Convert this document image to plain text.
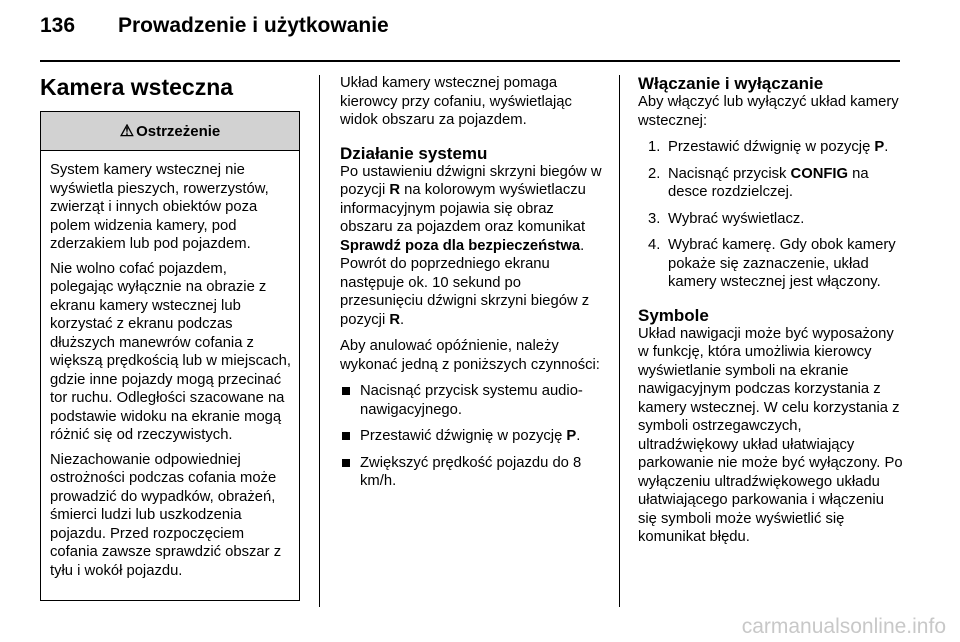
136	Prowadzenie i użytkowanie
Kamera wsteczna
⚠ Ostrzeżenie

System kamery wstecznej nie wyświetla pieszych, rowerzystów, zwierząt i innych obiektów poza polem widzenia kamery, pod zderzakiem lub pod pojazdem.

Nie wolno cofać pojazdem, polegając wyłącznie na obrazie z ekranu kamery wstecznej lub korzystać z ekranu podczas dłuższych manewrów cofania z większą prędkością lub w miejscach, gdzie inne pojazdy mogą przecinać tor ruchu. Odległości szacowane na podstawie widoku na ekranie mogą różnić się od rzeczywistych.

Niezachowanie odpowiedniej ostrożności podczas cofania może prowadzić do wypadków, obrażeń, śmierci ludzi lub uszkodzenia pojazdu. Przed rozpoczęciem cofania zawsze sprawdzić obszar z tyłu i wokół pojazdu.

Układ kamery wstecznej pomaga kierowcy przy cofaniu, wyświetlając widok obszaru za pojazdem.

Działanie systemu

Po ustawieniu dźwigni skrzyni biegów w pozycji R na kolorowym wyświetlaczu informacyjnym pojawia się obraz obszaru za pojazdem oraz komunikat Sprawdź poza dla bezpieczeństwa. Powrót do poprzedniego ekranu następuje ok. 10 sekund po przesunięciu dźwigni skrzyni biegów z pozycji R.

Aby anulować opóźnienie, należy wykonać jedną z poniższych czynności:

Nacisnąć przycisk systemu audio-nawigacyjnego.
Przestawić dźwignię w pozycję P.
Zwiększyć prędkość pojazdu do 8 km/h.
Włączanie i wyłączanie

Aby włączyć lub wyłączyć układ kamery wstecznej:

1. Przestawić dźwignię w pozycję P.
2. Nacisnąć przycisk CONFIG na desce rozdzielczej.
3. Wybrać wyświetlacz.
4. Wybrać kamerę. Gdy obok kamery pokaże się zaznaczenie, układ kamery wstecznej jest włączony.
Symbole

Układ nawigacji może być wyposażony w funkcję, która umożliwia kierowcy wyświetlanie symboli na ekranie nawigacyjnym podczas korzystania z kamery wstecznej. W celu korzystania z symboli ostrzegawczych, ultradźwiękowy układ ułatwiający parkowanie nie może być wyłączony. Po wyłączeniu ultradźwiękowego układu ułatwiającego parkowania i włączeniu się symboli może wyświetlić się komunikat błędu.

carmanualsonline.info
